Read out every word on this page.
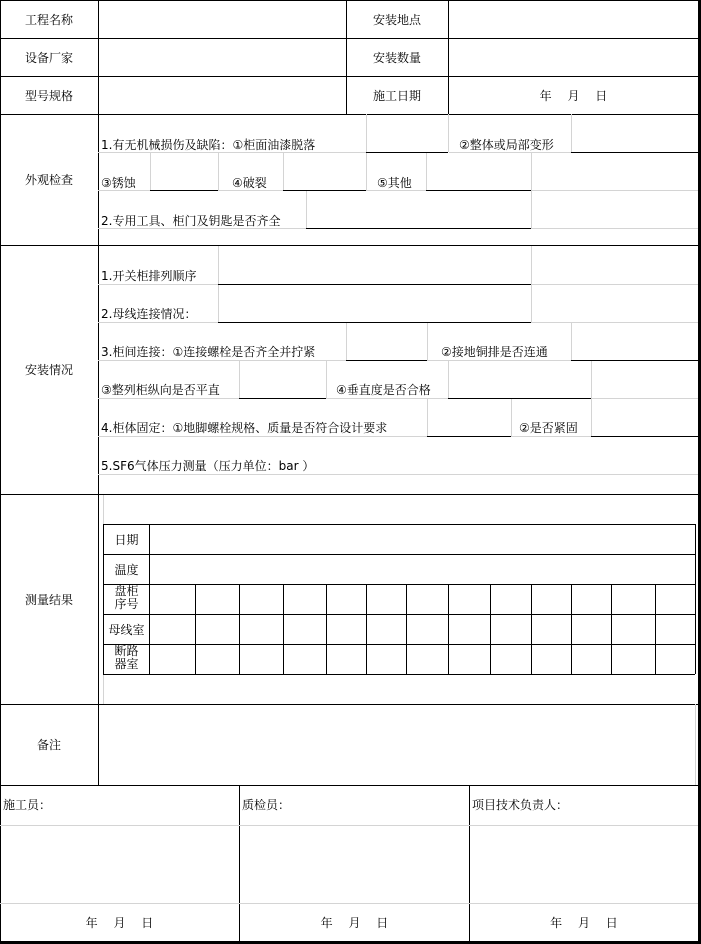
工程名称	安装地点
设备厂家	安装数量
型号规格	施工日期	年　 月　 日
外观检查
1.有无机械损伤及缺陷：①柜面油漆脱落	②整体或局部变形
③锈蚀	④破裂	⑤其他
2.专用工具、柜门及钥匙是否齐全
安装情况
1.开关柜排列顺序
2.母线连接情况：
3.柜间连接：①连接螺栓是否齐全并拧紧	②接地铜排是否连通
③整列柜纵向是否平直	④垂直度是否合格
4.柜体固定：①地脚螺栓规格、质量是否符合设计要求	②是否紧固
5.SF6气体压力测量（压力单位：bar ）
测量结果
日期
温度
盘柜序号
母线室
断路器室
备注
施工员：	质检员：	项目技术负责人：
年　 月　 日	年　 月　 日	年　 月　 日
